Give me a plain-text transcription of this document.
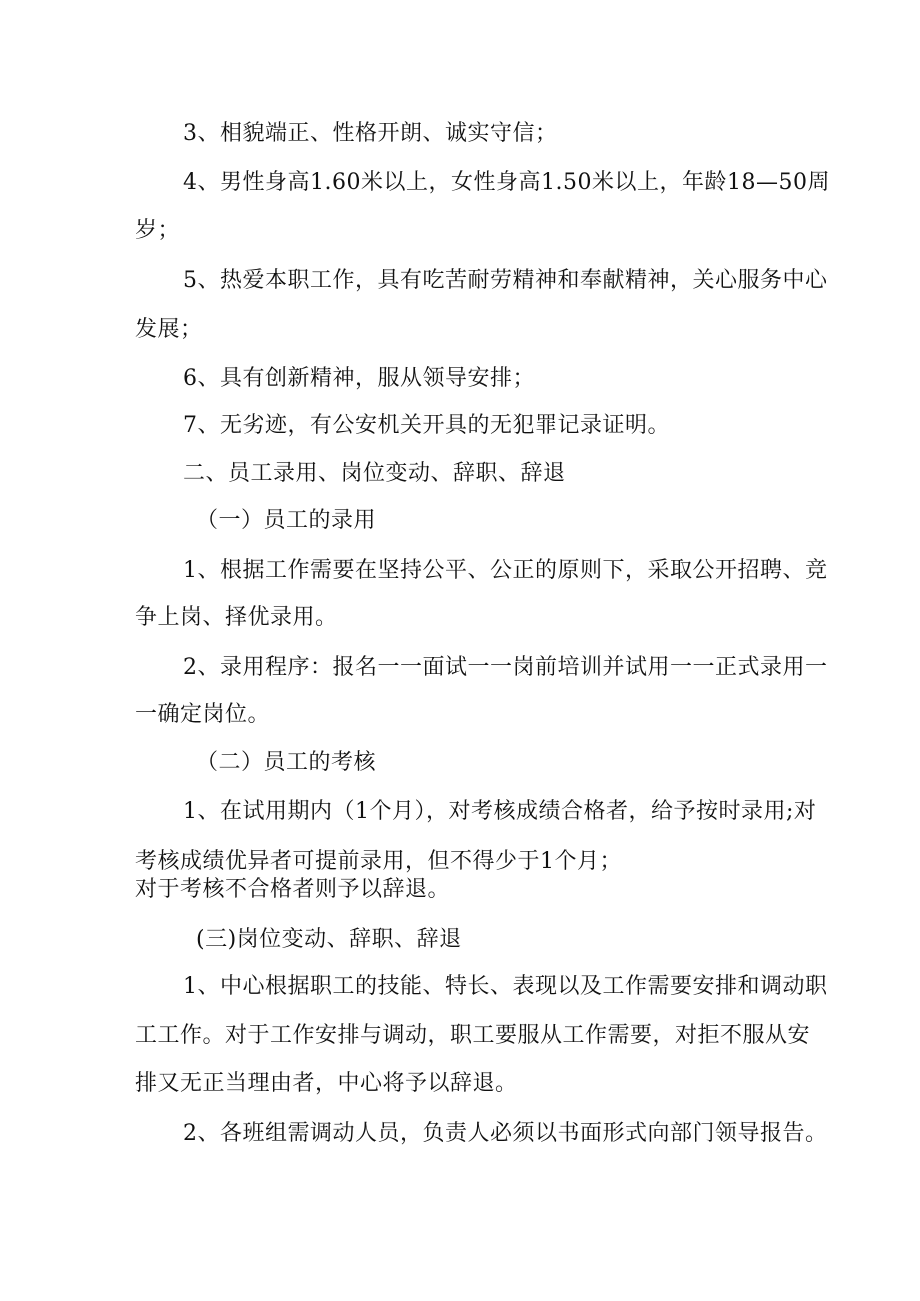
3、相貌端正、性格开朗、诚实守信；
4、男性身高1.60米以上，女性身高1.50米以上，年龄18—50周
岁；
5、热爱本职工作，具有吃苦耐劳精神和奉献精神，关心服务中心
发展；
6、具有创新精神，服从领导安排；
7、无劣迹，有公安机关开具的无犯罪记录证明。
二、员工录用、岗位变动、辞职、辞退
（一）员工的录用
1、根据工作需要在坚持公平、公正的原则下，采取公开招聘、竞
争上岗、择优录用。
2、录用程序：报名一一面试一一岗前培训并试用一一正式录用一
一确定岗位。
（二）员工的考核
1、在试用期内（1个月），对考核成绩合格者，给予按时录用;对
考核成绩优异者可提前录用，但不得少于1个月；
对于考核不合格者则予以辞退。
(三)岗位变动、辞职、辞退
1、中心根据职工的技能、特长、表现以及工作需要安排和调动职
工工作。对于工作安排与调动，职工要服从工作需要，对拒不服从安
排又无正当理由者，中心将予以辞退。
2、各班组需调动人员，负责人必须以书面形式向部门领导报告。
